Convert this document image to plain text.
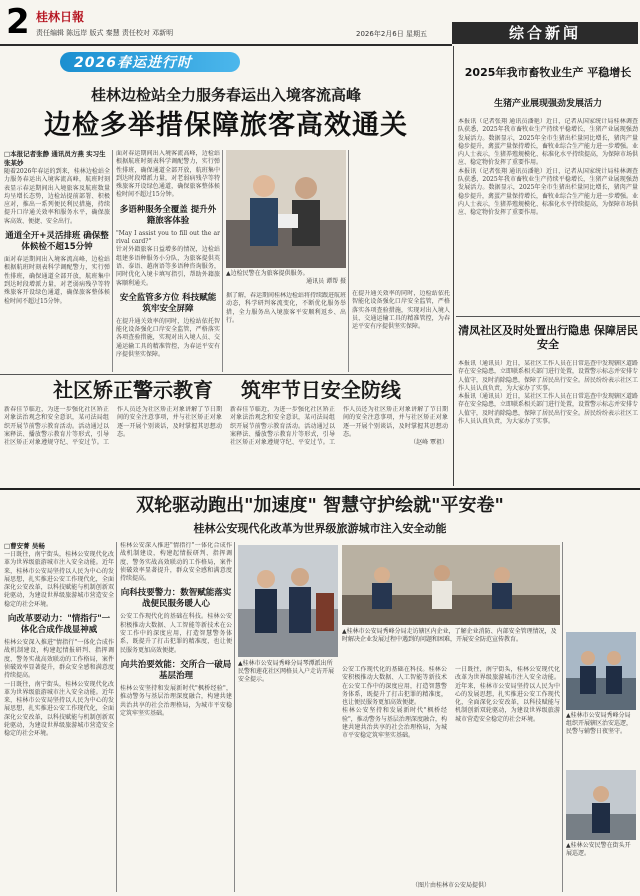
2 桂林日報
责任编辑 陈远岸 版式 秦慧 责任校对 邓新明	2026年2月6日 星期五	综合新闻
2026春运进行时
桂林边检站全力服务春运出入境客流高峰
边检多举措保障旅客高效通关
□本报记者张静 通讯员方燕 实习生张某妙

随着2026年春运的到来，桂林边检站全力服务春运出入境客流高峰，航班时刻表显示春运期间出入境旅客及航班数量均呈增长态势，边检站提前部署、积极应对，推出一系列便民利民措施，持续提升口岸通关效率和服务水平，确保旅客高效、便捷、安全出行。

通道全开+灵活排班 确保整体候检不超15分钟

面对春运期间出入境客流高峰，边检站根据航班时刻表科学调配警力，实行弹性排班，确保通道全部开放，航班集中到达时段增派力量，对老弱病残孕等特殊旅客开设绿色通道，确保旅客整体候检时间不超过15分钟。

面对春运期间出入境客流高峰，边检站根据航班时刻表科学调配警力，实行弹性排班，确保通道全部开放，航班集中到达时段增派力量，对老弱病残孕等特殊旅客开设绿色通道，确保旅客整体候检时间不超过15分钟。

多语种服务全覆盖 提升外籍旅客体验

"May I assist you to fill out the arrival card?"

针对外籍旅客日益增多的情况，边检站组建多语种服务小分队，为旅客提供英语、泰语、越南语等多语种咨询服务，同时优化入境卡填写指引，帮助外籍旅客顺利通关。

安全监管多方位 科技赋能筑牢安全屏障

在提升通关效率的同时，边检站依托智能化设备强化口岸安全监管，严格落实各项查验措施，实现对出入境人员、交通运输工具的精准管控，为春运平安有序提供坚实保障。

▲边检民警在为旅客提供服务。
通讯员 谭帮 摄

据了解，春运期间桂林边检站将持续跟进航班动态，科学研判客流变化，不断优化服务举措，全力服务出入境旅客平安顺利返乡、出行。

在提升通关效率的同时，边检站依托智能化设备强化口岸安全监管，严格落实各项查验措施，实现对出入境人员、交通运输工具的精准管控，为春运平安有序提供坚实保障。

社区矫正警示教育 筑牢节日安全防线

新春佳节临近，为进一步强化社区矫正对象法治观念和安全意识，某司法局组织开展节前警示教育活动。活动通过以案释法、播放警示教育片等形式，引导社区矫正对象遵规守纪、平安过节。工作人员还为社区矫正对象讲解了节日期间的安全注意事项，并与社区矫正对象逐一开展个别谈话，及时掌握其思想动态。

新春佳节临近，为进一步强化社区矫正对象法治观念和安全意识，某司法局组织开展节前警示教育活动。活动通过以案释法、播放警示教育片等形式，引导社区矫正对象遵规守纪、平安过节。工作人员还为社区矫正对象讲解了节日期间的安全注意事项，并与社区矫正对象逐一开展个别谈话，及时掌握其思想动态。

（赵峰 覃祖）

2025年我市畜牧业生产 平稳增长
生猪产业展现强劲发展活力

本报讯（记者张翔 通讯员潘艳）近日，记者从国家统计局桂林调查队获悉，2025年我市畜牧业生产持续平稳增长，生猪产业展现强劲发展活力。数据显示，2025年全市生猪出栏量同比增长，猪肉产量稳步提升，禽蛋产量保持增长，畜牧业综合生产能力进一步增强。业内人士表示，生猪养殖规模化、标准化水平持续提高，为保障市场供应、稳定物价发挥了重要作用。

本报讯（记者张翔 通讯员潘艳）近日，记者从国家统计局桂林调查队获悉，2025年我市畜牧业生产持续平稳增长，生猪产业展现强劲发展活力。数据显示，2025年全市生猪出栏量同比增长，猪肉产量稳步提升，禽蛋产量保持增长，畜牧业综合生产能力进一步增强。业内人士表示，生猪养殖规模化、标准化水平持续提高，为保障市场供应、稳定物价发挥了重要作用。

清凤社区及时处置出行隐患 保障居民安全

本报讯（通讯员）近日，某社区工作人员在日常巡查中发现辖区道路存在安全隐患，立即联系相关部门进行处置，设置警示标志并安排专人值守，及时消除隐患，保障了居民出行安全。居民纷纷表示社区工作人员认真负责，为大家办了实事。

本报讯（通讯员）近日，某社区工作人员在日常巡查中发现辖区道路存在安全隐患，立即联系相关部门进行处置，设置警示标志并安排专人值守，及时消除隐患，保障了居民出行安全。居民纷纷表示社区工作人员认真负责，为大家办了实事。

双轮驱动跑出"加速度" 智慧守护绘就"平安卷"
桂林公安现代化改革为世界级旅游城市注入安全动能
□曹安菁 吴畅

一日既往，南宁街头，桂林公安现代化改革为世界级旅游城市注入安全动能。近年来，桂林市公安局坚持以人民为中心的发展思想，扎实推进公安工作现代化，全面深化公安改革，以科技赋能与机制创新双轮驱动，为建设世界级旅游城市营造安全稳定的社会环境。

向改革要动力："情指行"一体化合成作战显神威

桂林公安深入推进"情指行"一体化合成作战机制建设，构建起情报研判、指挥调度、警务实战高效联动的工作格局，案件侦破效率显著提升，群众安全感和满意度持续提高。

一日既往，南宁街头，桂林公安现代化改革为世界级旅游城市注入安全动能。近年来，桂林市公安局坚持以人民为中心的发展思想，扎实推进公安工作现代化，全面深化公安改革，以科技赋能与机制创新双轮驱动，为建设世界级旅游城市营造安全稳定的社会环境。

桂林公安深入推进"情指行"一体化合成作战机制建设，构建起情报研判、指挥调度、警务实战高效联动的工作格局，案件侦破效率显著提升，群众安全感和满意度持续提高。

向科技要警力：数智赋能落实战便民服务暖人心

公安工作现代化的基础在科技。桂林公安积极推动大数据、人工智能等新技术在公安工作中的深度应用，打造智慧警务体系，既提升了打击犯罪的精准度，也让便民服务更加高效便捷。

向共治要效能：交所合一破局基层治理

桂林公安坚持和发展新时代"枫桥经验"，推动警务与基层治理深度融合，构建共建共治共享的社会治理格局，为城市平安稳定筑牢坚实基础。

▲桂林市公安局秀峰分局琴潭派出所民警和莲花社区网格员入户走访开展安全提示。
▲桂林市公安局秀峰分局走访辖区内企业，了解企业消防、内部安全管理情况，及时解决企业发展过程中遇到的问题和困难，开展安全防范宣传教育。

公安工作现代化的基础在科技。桂林公安积极推动大数据、人工智能等新技术在公安工作中的深度应用，打造智慧警务体系，既提升了打击犯罪的精准度，也让便民服务更加高效便捷。

桂林公安坚持和发展新时代"枫桥经验"，推动警务与基层治理深度融合，构建共建共治共享的社会治理格局，为城市平安稳定筑牢坚实基础。

一日既往，南宁街头，桂林公安现代化改革为世界级旅游城市注入安全动能。近年来，桂林市公安局坚持以人民为中心的发展思想，扎实推进公安工作现代化，全面深化公安改革，以科技赋能与机制创新双轮驱动，为建设世界级旅游城市营造安全稳定的社会环境。

（图片由桂林市公安局提供）
▲桂林市公安局秀峰分局组织开展辖区治安巡逻，民警与辅警日夜坚守。
▲桂林公安民警在街头开展巡逻。
